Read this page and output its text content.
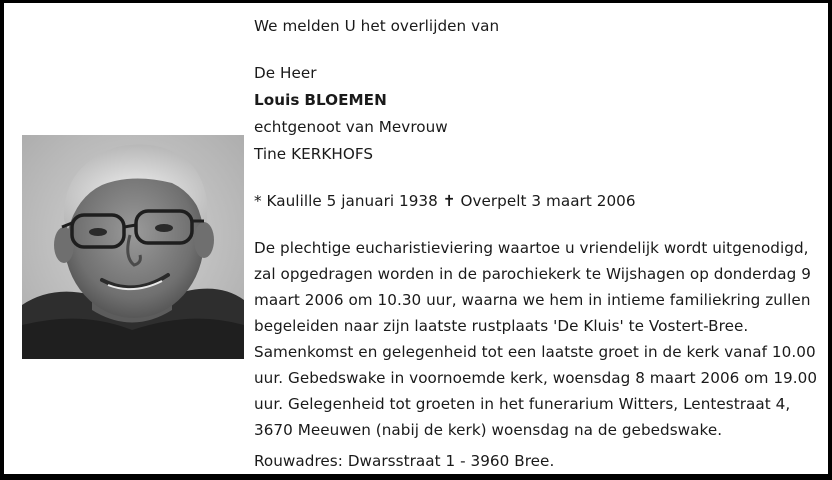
We melden U het overlijden van
De Heer
Louis BLOEMEN
echtgenoot van Mevrouw
Tine KERKHOFS
* Kaulille 5 januari 1938 ✝ Overpelt 3 maart 2006
De plechtige eucharistieviering waartoe u vriendelijk wordt uitgenodigd,
zal opgedragen worden in de parochiekerk te Wijshagen op donderdag 9
maart 2006 om 10.30 uur, waarna we hem in intieme familiekring zullen
begeleiden naar zijn laatste rustplaats 'De Kluis' te Vostert-Bree.
Samenkomst en gelegenheid tot een laatste groet in de kerk vanaf 10.00
uur. Gebedswake in voornoemde kerk, woensdag 8 maart 2006 om 19.00
uur. Gelegenheid tot groeten in het funerarium Witters, Lentestraat 4,
3670 Meeuwen (nabij de kerk) woensdag na de gebedswake.
Rouwadres: Dwarsstraat 1 - 3960 Bree.
